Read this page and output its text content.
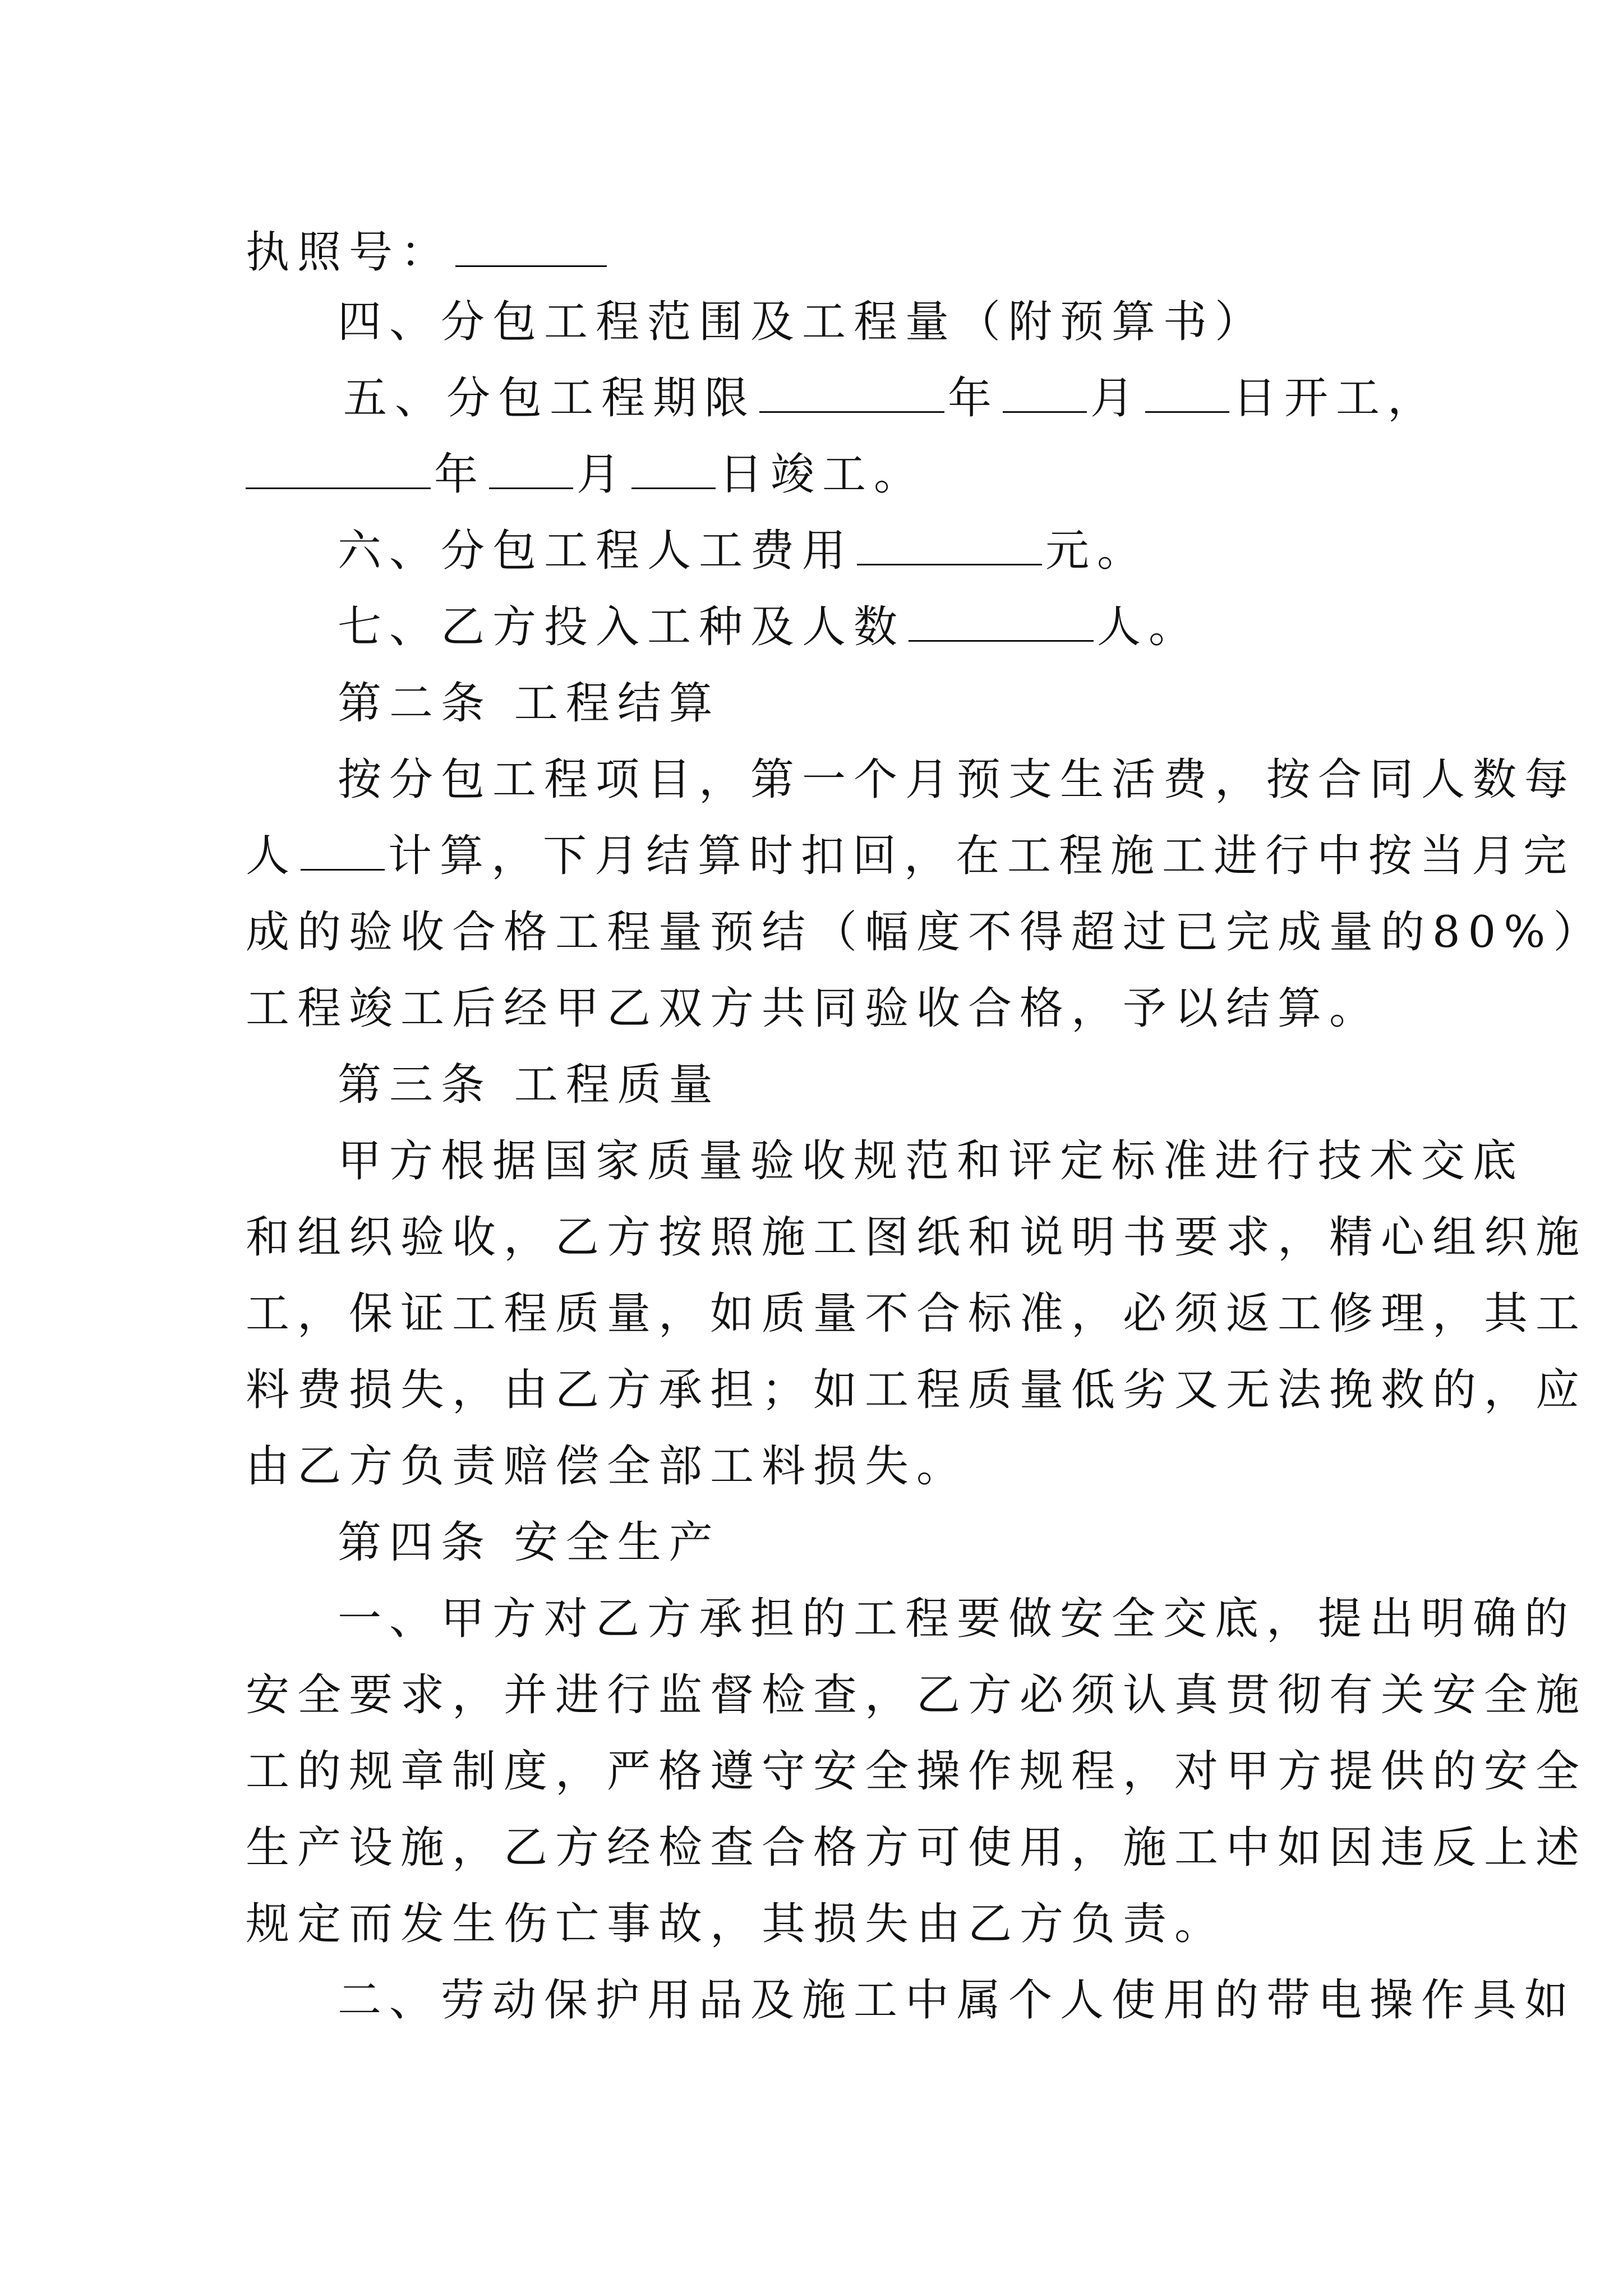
执照号：
四、分包工程范围及工程量（附预算书）
五、分包工程期限	年 月 日开工，
年 月 日竣工。
六、分包工程人工费用	元。
七、乙方投入工种及人数	人。
第二条 工程结算
按分包工程项目，第一个月预支生活费，按合同人数每
人 计算，下月结算时扣回，在工程施工进行中按当月完
成的验收合格工程量预结（幅度不得超过已完成量的80%）
工程竣工后经甲乙双方共同验收合格，予以结算。
第三条 工程质量
甲方根据国家质量验收规范和评定标准进行技术交底
和组织验收，乙方按照施工图纸和说明书要求，精心组织施
工，保证工程质量，如质量不合标准，必须返工修理，其工
料费损失，由乙方承担；如工程质量低劣又无法挽救的，应
由乙方负责赔偿全部工料损失。
第四条 安全生产
一、甲方对乙方承担的工程要做安全交底，提出明确的
安全要求，并进行监督检查，乙方必须认真贯彻有关安全施
工的规章制度，严格遵守安全操作规程，对甲方提供的安全
生产设施，乙方经检查合格方可使用，施工中如因违反上述
规定而发生伤亡事故，其损失由乙方负责。
二、劳动保护用品及施工中属个人使用的带电操作具如
